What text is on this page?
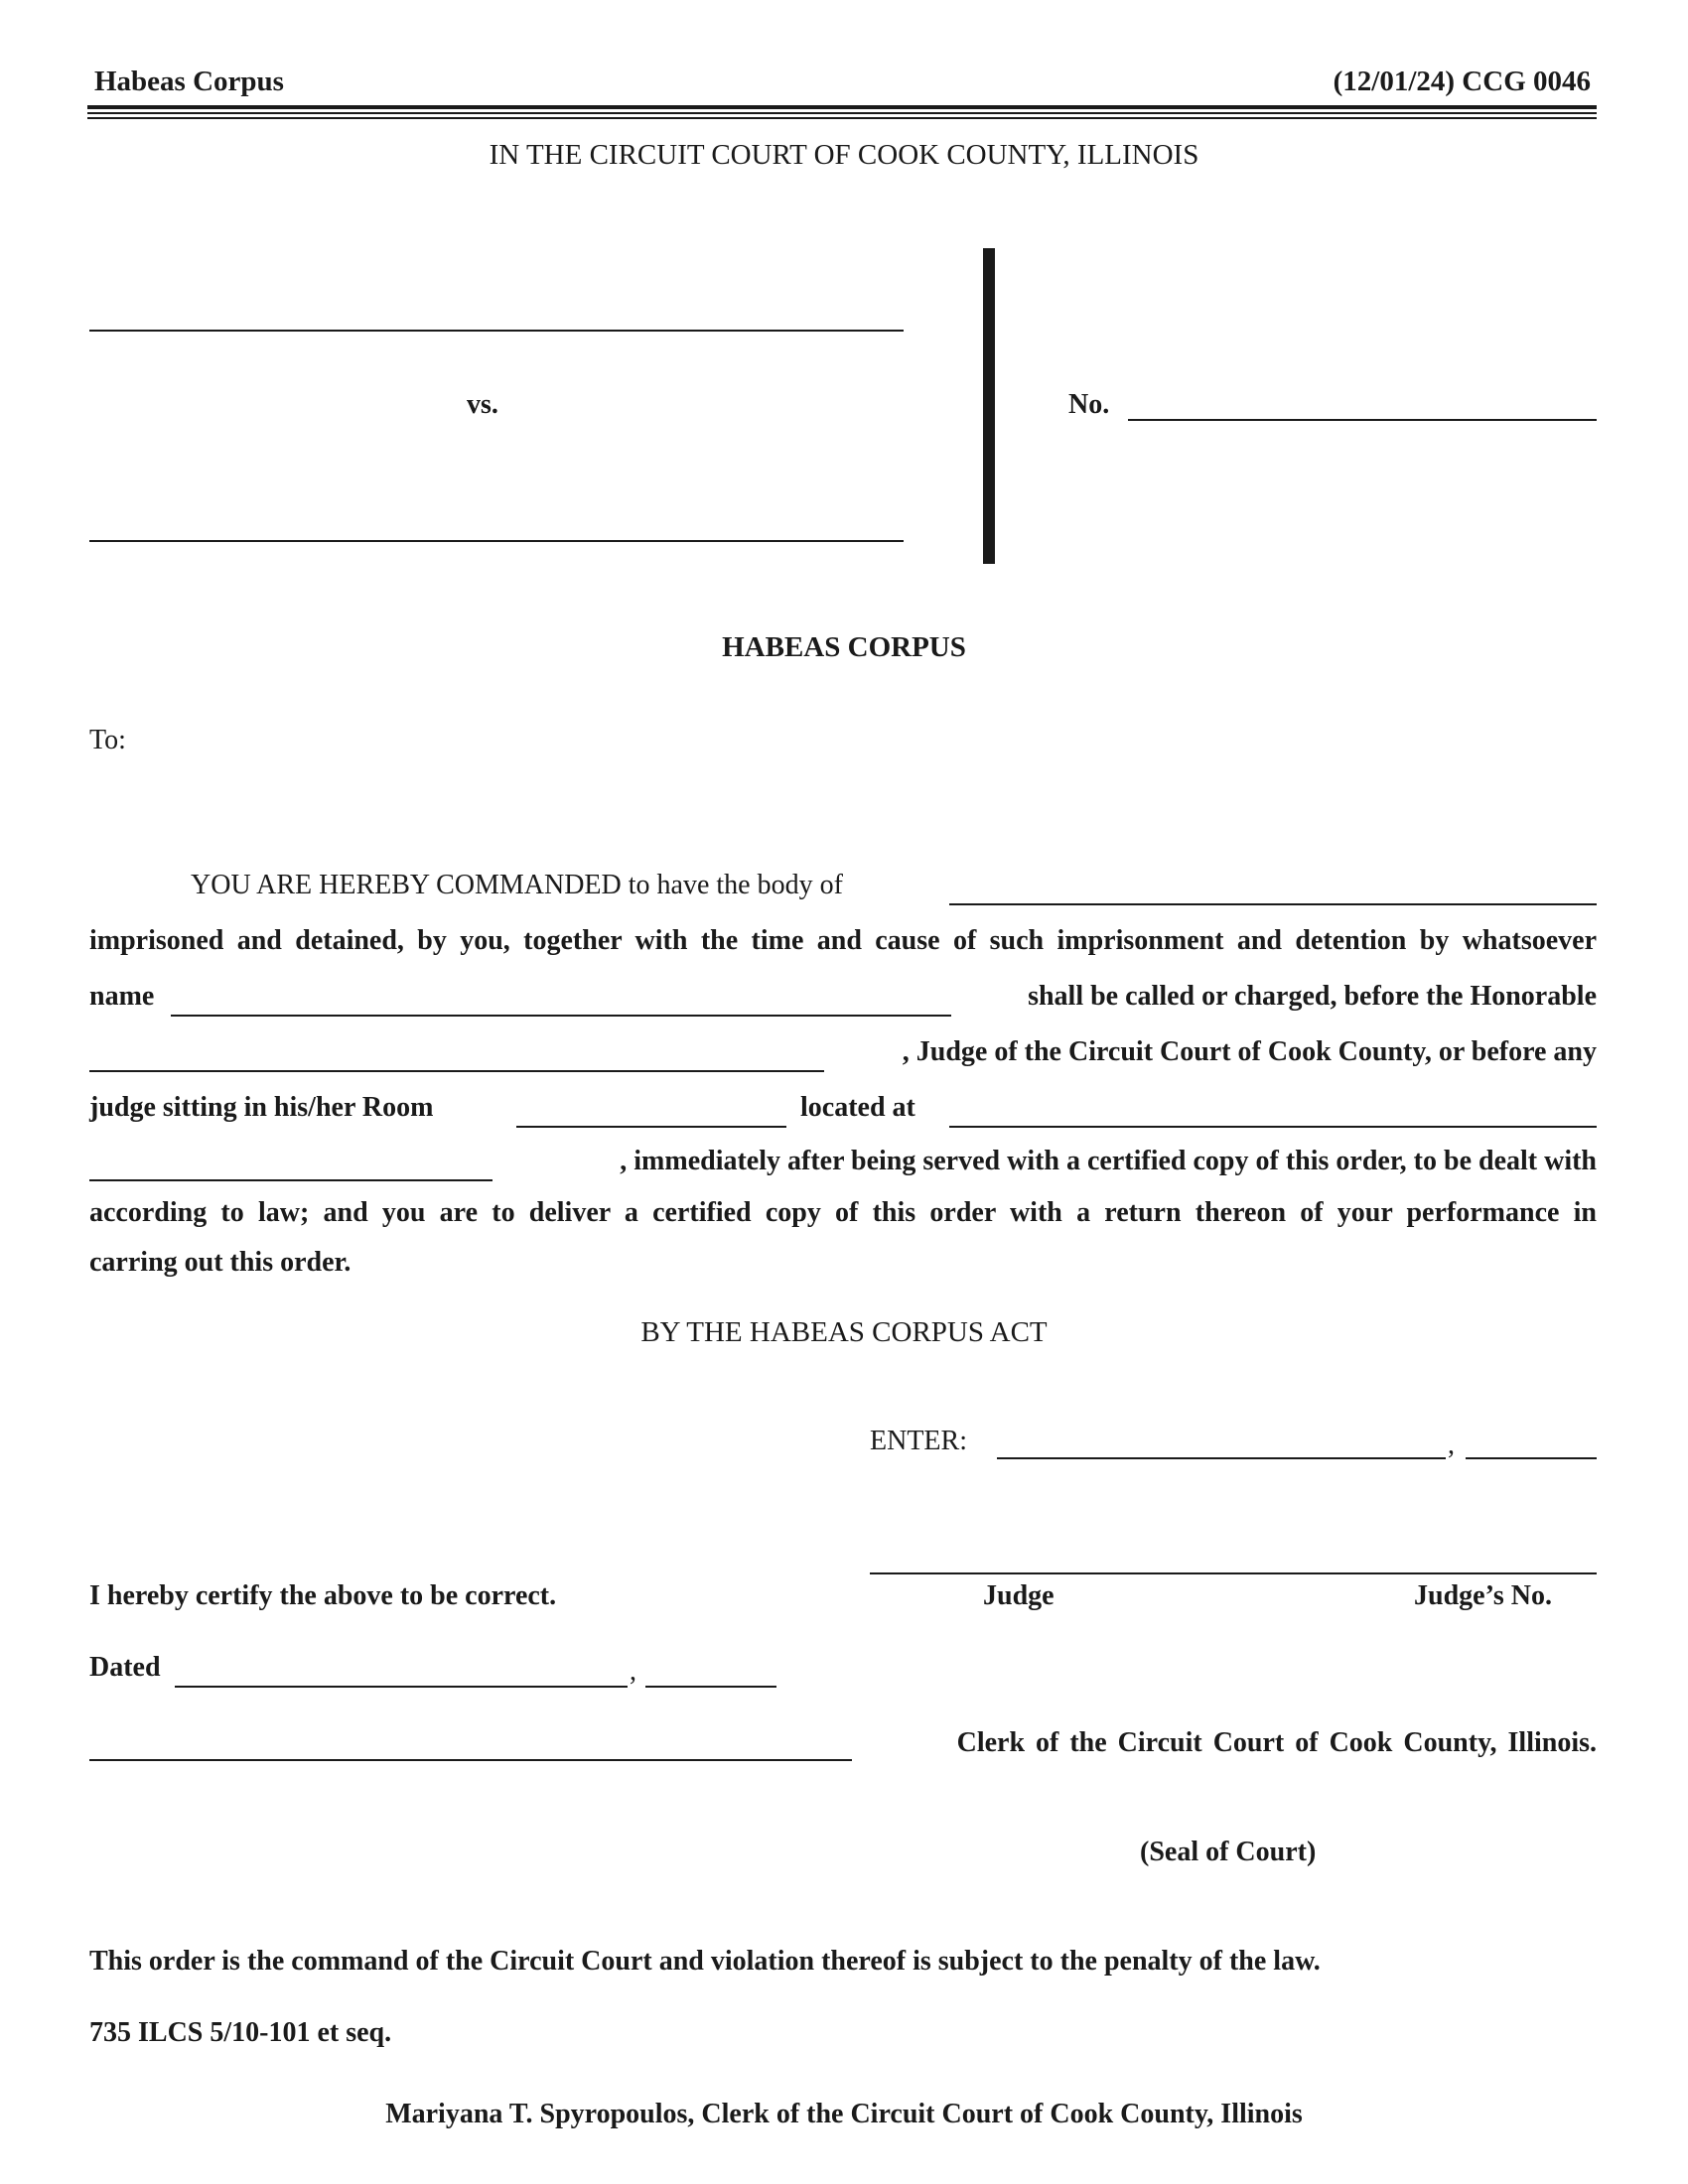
Habeas Corpus	(12/01/24) CCG 0046
IN THE CIRCUIT COURT OF COOK COUNTY, ILLINOIS
vs.	No.
HABEAS CORPUS
To:
YOU ARE HEREBY COMMANDED to have the body of
imprisoned and detained, by you, together with the time and cause of such imprisonment and detention by whatsoever
name	shall be called or charged, before the Honorable
, Judge of the Circuit Court of Cook County, or before any
judge sitting in his/her Room	located at
, immediately after being served with a certified copy of this order, to be dealt with
according to law; and you are to deliver a certified copy of this order with a return thereon of your performance in
carring out this order.
BY THE HABEAS CORPUS ACT
ENTER:	,
Judge	Judge’s No.
I hereby certify the above to be correct.
Dated	,
Clerk of the Circuit Court of Cook County, Illinois.
(Seal of Court)
This order is the command of the Circuit Court and violation thereof is subject to the penalty of the law.
735 ILCS 5/10-101 et seq.
Mariyana T. Spyropoulos, Clerk of the Circuit Court of Cook County, Illinois
